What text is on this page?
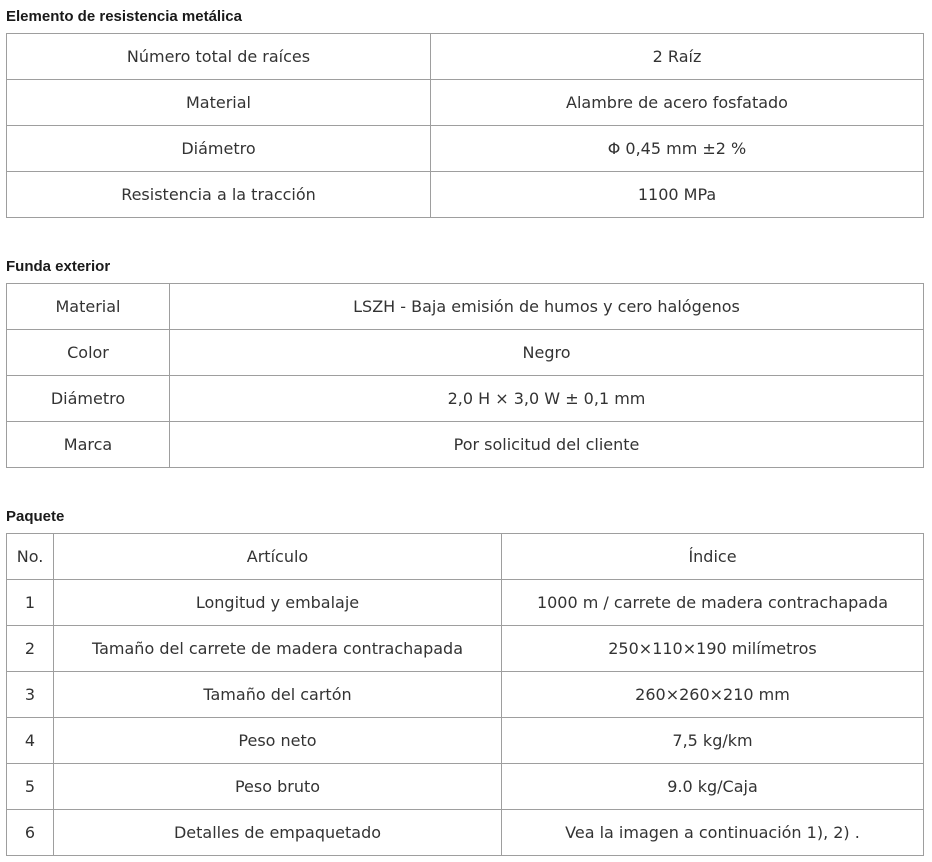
Elemento de resistencia metálica
Número total de raíces	2 Raíz
Material	Alambre de acero fosfatado
Diámetro	Φ 0,45 mm ±2 %
Resistencia a la tracción	1100 MPa
Funda exterior
Material	LSZH - Baja emisión de humos y cero halógenos
Color	Negro
Diámetro	2,0 H × 3,0 W ± 0,1 mm
Marca	Por solicitud del cliente
Paquete
No.	Artículo	Índice
1	Longitud y embalaje	1000 m / carrete de madera contrachapada
2	Tamaño del carrete de madera contrachapada	250×110×190 milímetros
3	Tamaño del cartón	260×260×210 mm
4	Peso neto	7,5 kg/km
5	Peso bruto	9.0 kg/Caja
6	Detalles de empaquetado	Vea la imagen a continuación 1), 2) .
